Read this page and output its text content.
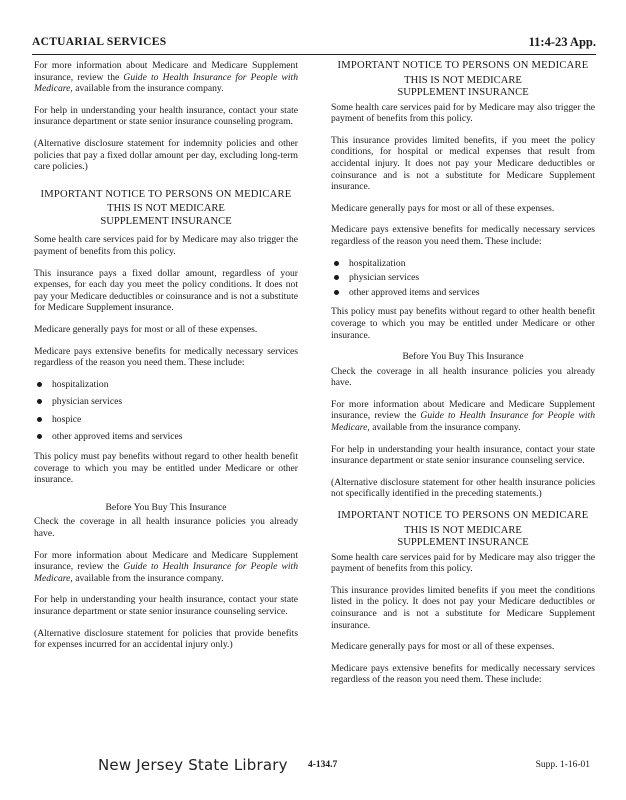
ACTUARIAL SERVICES	11:4-23 App.

For more information about Medicare and Medicare Supplement insurance, review the Guide to Health Insurance for People with Medicare, available from the insurance company.

For help in understanding your health insurance, contact your state insurance department or state senior insurance counseling program.

(Alternative disclosure statement for indemnity policies and other policies that pay a fixed dollar amount per day, excluding long-term care policies.)

IMPORTANT NOTICE TO PERSONS ON MEDICARE
THIS IS NOT MEDICARE SUPPLEMENT INSURANCE

Some health care services paid for by Medicare may also trigger the payment of benefits from this policy.

This insurance pays a fixed dollar amount, regardless of your expenses, for each day you meet the policy conditions. It does not pay your Medicare deductibles or coinsurance and is not a substitute for Medicare Supplement insurance.

Medicare generally pays for most or all of these expenses.

Medicare pays extensive benefits for medically necessary services regardless of the reason you need them. These include:

hospitalization
physician services
hospice
other approved items and services

This policy must pay benefits without regard to other health benefit coverage to which you may be entitled under Medicare or other insurance.

Before You Buy This Insurance

Check the coverage in all health insurance policies you already have.

For more information about Medicare and Medicare Supplement insurance, review the Guide to Health Insurance for People with Medicare, available from the insurance company.

For help in understanding your health insurance, contact your state insurance department or state senior insurance counseling service.

(Alternative disclosure statement for policies that provide benefits for expenses incurred for an accidental injury only.)

IMPORTANT NOTICE TO PERSONS ON MEDICARE
THIS IS NOT MEDICARE SUPPLEMENT INSURANCE

Some health care services paid for by Medicare may also trigger the payment of benefits from this policy.

This insurance provides limited benefits, if you meet the policy conditions, for hospital or medical expenses that result from accidental injury. It does not pay your Medicare deductibles or coinsurance and is not a substitute for Medicare Supplement insurance.

Medicare generally pays for most or all of these expenses.

Medicare pays extensive benefits for medically necessary services regardless of the reason you need them. These include:

hospitalization
physician services
other approved items and services

This policy must pay benefits without regard to other health benefit coverage to which you may be entitled under Medicare or other insurance.

Before You Buy This Insurance

Check the coverage in all health insurance policies you already have.

For more information about Medicare and Medicare Supplement insurance, review the Guide to Health Insurance for People with Medicare, available from the insurance company.

For help in understanding your health insurance, contact your state insurance department or state senior insurance counseling service.

(Alternative disclosure statement for other health insurance policies not specifically identified in the preceding statements.)

IMPORTANT NOTICE TO PERSONS ON MEDICARE
THIS IS NOT MEDICARE SUPPLEMENT INSURANCE

Some health care services paid for by Medicare may also trigger the payment of benefits from this policy.

This insurance provides limited benefits if you meet the conditions listed in the policy. It does not pay your Medicare deductibles or coinsurance and is not a substitute for Medicare Supplement insurance.

Medicare generally pays for most or all of these expenses.

Medicare pays extensive benefits for medically necessary services regardless of the reason you need them. These include:

New Jersey State Library 4-134.7	Supp. 1-16-01
